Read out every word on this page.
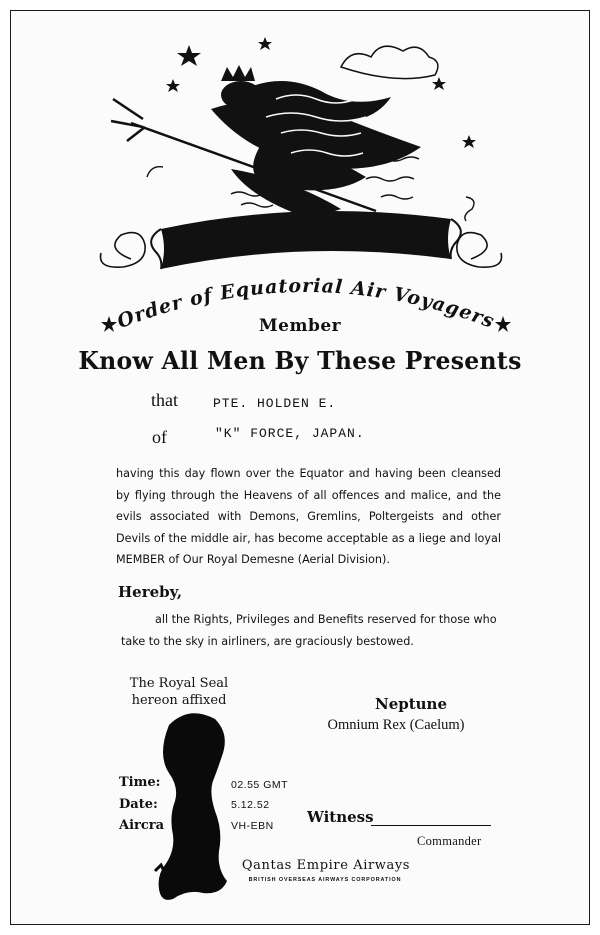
Order of Equatorial Air Voyagers
Member
Know All Men By These Presents
that	PTE. HOLDEN E.
of	"K" FORCE, JAPAN.
having this day flown over the Equator and having been cleansed by flying through the Heavens of all offences and malice, and the evils associated with Demons, Gremlins, Poltergeists and other Devils of the middle air, has become acceptable as a liege and loyal MEMBER of Our Royal Demesne (Aerial Division).
Hereby,
all the Rights, Privileges and Benefits reserved for those who take to the sky in airliners, are graciously bestowed.
The Royal Seal
hereon affixed	Neptune
Omnium Rex (Caelum)
Time:	02.55 GMT
Date:	5.12.52
Aircra	VH-EBN Witness
Commander
Qantas Empire Airways
BRITISH OVERSEAS AIRWAYS CORPORATION
